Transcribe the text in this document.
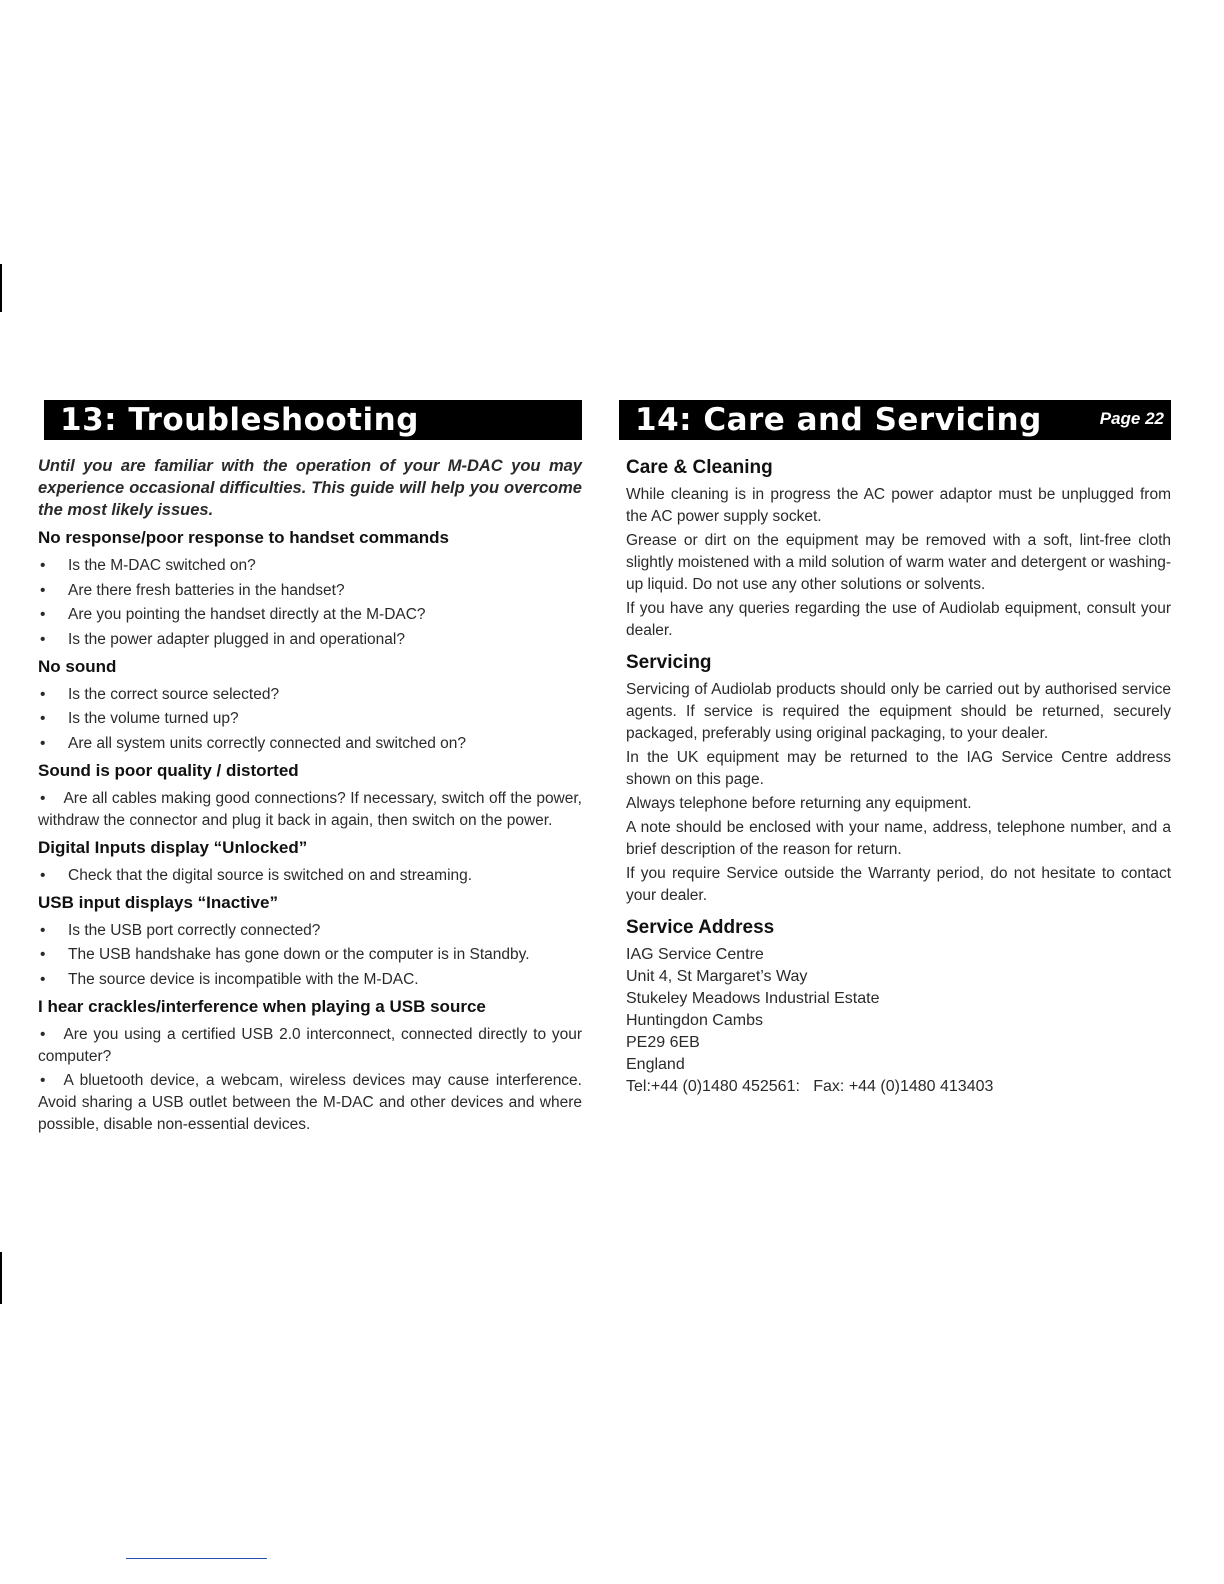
13: Troubleshooting

Until you are familiar with the operation of your M-DAC you may experience occasional difficulties. This guide will help you overcome the most likely issues.

No response/poor response to handset commands
• Is the M-DAC switched on?
• Are there fresh batteries in the handset?
• Are you pointing the handset directly at the M-DAC?
• Is the power adapter plugged in and operational?
No sound
• Is the correct source selected?
• Is the volume turned up?
• Are all system units correctly connected and switched on?
Sound is poor quality / distorted
• Are all cables making good connections? If necessary, switch off the power, withdraw the connector and plug it back in again, then switch on the power.
Digital Inputs display “Unlocked”
• Check that the digital source is switched on and streaming.
USB input displays “Inactive”
• Is the USB port correctly connected?
• The USB handshake has gone down or the computer is in Standby.
• The source device is incompatible with the M-DAC.
I hear crackles/interference when playing a USB source
• Are you using a certified USB 2.0 interconnect, connected directly to your computer?
• A bluetooth device, a webcam, wireless devices may cause interference. Avoid sharing a USB outlet between the M-DAC and other devices and where possible, disable non-essential devices.
14: Care and Servicing	Page 22
Care & Cleaning

While cleaning is in progress the AC power adaptor must be unplugged from the AC power supply socket.

Grease or dirt on the equipment may be removed with a soft, lint-free cloth slightly moistened with a mild solution of warm water and detergent or washing-up liquid. Do not use any other solutions or solvents.

If you have any queries regarding the use of Audiolab equipment, consult your dealer.

Servicing

Servicing of Audiolab products should only be carried out by authorised service agents. If service is required the equipment should be returned, securely packaged, preferably using original packaging, to your dealer.

In the UK equipment may be returned to the IAG Service Centre address shown on this page.

Always telephone before returning any equipment.

A note should be enclosed with your name, address, telephone number, and a brief description of the reason for return.

If you require Service outside the Warranty period, do not hesitate to contact your dealer.

Service Address
IAG Service Centre
Unit 4, St Margaret’s Way
Stukeley Meadows Industrial Estate
Huntingdon Cambs
PE29 6EB
England
Tel:+44 (0)1480 452561:   Fax: +44 (0)1480 413403
